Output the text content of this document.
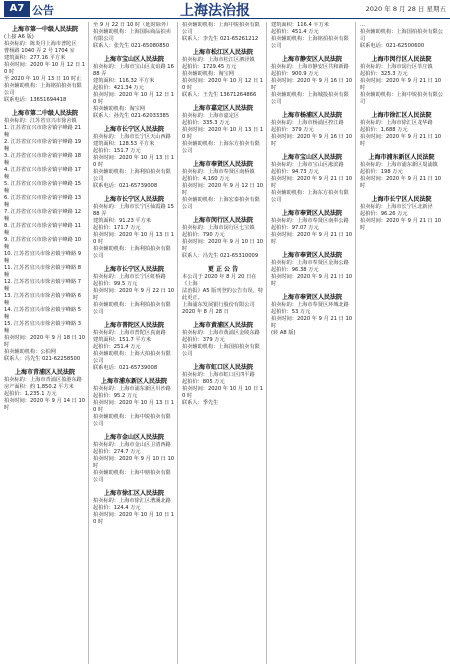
A7 公告	上海法治报	2020 年 8 月 28 日 星期五
上海市第一中级人民法院
(上接 A6 版)
拍卖标的：陈炎丹上海市普陀区
曹杨路 1040 弄 2 号 1704 室
建筑面积：277.16 平方米
拍卖时间：2020 年 10 月 12 日 10 时
至 2020 年 10 月 13 日 10 时止
拍卖辅助机构：上海铭拍拍卖有限公司
联系电话：13651694418
上海市第二中级人民法院
拍卖标的：江苏省宜兴市徐舍镇
1. 江苏省宜兴市徐舍镇宇峰路 21 幢
2. 江苏省宜兴市徐舍镇宇峰路 19 幢
3. 江苏省宜兴市徐舍镇宇峰路 18 幢
4. 江苏省宜兴市徐舍镇宇峰路 17 幢
5. 江苏省宜兴市徐舍镇宇峰路 15 幢
6. 江苏省宜兴市徐舍镇宇峰路 13 幢
7. 江苏省宜兴市徐舍镇宇峰路 12 幢
8. 江苏省宜兴市徐舍镇宇峰路 11 幢
9. 江苏省宜兴市徐舍镇宇峰路 10 幢
10. 江苏省宜兴市徐舍镇宇峰路 9 幢
11. 江苏省宜兴市徐舍镇宇峰路 8 幢
12. 江苏省宜兴市徐舍镇宇峰路 7 幢
13. 江苏省宜兴市徐舍镇宇峰路 6 幢
14. 江苏省宜兴市徐舍镇宇峰路 5 幢
15. 江苏省宜兴市徐舍镇宇峰路 3 幢
拍卖时间：2020 年 9 月 18 日 10 时
拍卖辅助机构：公拍网
联系人：冯先生 021-62258500
上海市青浦区人民法院
拍卖标的：上海市青浦区盈港东路
房产面积：约 1,850.2 平方米
起拍价：1,235.1 万元
拍卖时间：2020 年 9 月 14 日 10 时
至 9 月 22 日 10 时（延时除外）
拍卖辅助机构：上海国际商品拍卖有限公司
联系人：张先生 021-65080850
上海市宝山区人民法院
拍卖标的：上海市宝山区友谊路 1688 弄
建筑面积：116.32 平方米
起拍价：421.34 万元
拍卖时间：2020 年 10 月 12 日 10 时
拍卖辅助机构：淘宝网
联系人：孙先生 021-62033385
上海市长宁区人民法院
拍卖标的：上海市长宁区天山西路
建筑面积：128.53 平方米
起拍价：151.7 万元
拍卖时间：2020 年 10 月 13 日 10 时
拍卖辅助机构：上海利拍拍卖有限公司
联系电话：021-65739008
上海市长宁区人民法院
拍卖标的：上海市长宁区仙霞路 1588 弄
建筑面积：91.23 平方米
起拍价：171.7 万元
拍卖时间：2020 年 10 月 13 日 10 时
拍卖辅助机构：上海利拍拍卖有限公司
上海市长宁区人民法院
拍卖标的：上海市长宁区虹桥路
起拍价：99.5 万元
拍卖时间：2020 年 9 月 22 日 10 时
拍卖辅助机构：上海利拍拍卖有限公司
上海市普陀区人民法院
拍卖标的：上海市普陀区真南路
建筑面积：151.7 平方米
起拍价：251.4 万元
拍卖辅助机构：上海大拍拍卖有限公司
联系电话：021-65739008
上海市浦东新区人民法院
拍卖标的：上海市浦东新区川沙路
起拍价：95.2 万元
拍卖时间：2020 年 10 月 13 日 10 时
拍卖辅助机构：上海中锐拍卖有限公司
上海市金山区人民法院
拍卖标的：上海市金山区卫清西路
起拍价：274.7 万元
拍卖时间：2020 年 9 月 10 日 10 时
拍卖辅助机构：上海中鼎拍卖有限公司
上海市徐汇区人民法院
拍卖标的：上海市徐汇区漕溪北路
起拍价：124.4 万元
拍卖时间：2020 年 10 月 10 日 10 时
拍卖辅助机构：上海中锐拍卖有限公司
联系人：李先生 021-65261212
上海市松江区人民法院
拍卖标的：上海市松江区泗泾镇
起拍价：1729.45 万元
拍卖辅助机构：淘宝网
拍卖时间：2020 年 10 月 12 日 10 时
联系人：王先生 13671264866
上海市嘉定区人民法院
拍卖标的：上海市嘉定区
起拍价：335.3 万元
拍卖时间：2020 年 10 月 13 日 10 时
拍卖辅助机构：上海东方拍卖有限公司
上海市奉贤区人民法院
拍卖标的：上海市奉贤区南桥镇
起拍价：4,160 万元
拍卖时间：2020 年 9 月 12 日 10 时
拍卖辅助机构：上海宏泰拍卖有限公司
上海市闵行区人民法院
拍卖标的：上海市闵行区七宝镇
起拍价：790 万元
拍卖时间：2020 年 9 月 10 日 10 时
联系人：冯先生 021-65310009
更 正 公 告
本公司于 2020 年 8 月 20 日在《上海
法治报》A5 版刊登的公告有误，特此更正。
上海浦东发展银行股份有限公司
2020 年 8 月 28 日
上海市黄浦区人民法院
拍卖标的：上海市黄浦区金陵东路
起拍价：379 万元
拍卖辅助机构：上海国拍拍卖有限公司
上海市虹口区人民法院
拍卖标的：上海市虹口区四平路
起拍价：805 万元
拍卖时间：2020 年 10 月 10 日 10 时
联系人：季先生
建筑面积：116.4 平方米
起拍价：451.4 万元
拍卖辅助机构：上海铭拍拍卖有限公司
上海市静安区人民法院
拍卖标的：上海市静安区共和新路
起拍价：900.9 万元
拍卖时间：2020 年 9 月 16 日 10 时
拍卖辅助机构：上海城投拍卖有限公司
上海市杨浦区人民法院
拍卖标的：上海市杨浦区控江路
起拍价：379 万元
拍卖时间：2020 年 9 月 16 日 10 时
上海市宝山区人民法院
拍卖标的：上海市宝山区淞滨路
起拍价：94.73 万元
拍卖时间：2020 年 9 月 21 日 10 时
拍卖辅助机构：上海东方拍卖有限公司
上海市奉贤区人民法院
拍卖标的：上海市奉贤区南奉公路
起拍价：97.07 万元
拍卖时间：2020 年 9 月 21 日 10 时
上海市奉贤区人民法院
拍卖标的：上海市奉贤区金海公路
起拍价：96.38 万元
拍卖时间：2020 年 9 月 21 日 10 时
上海市奉贤区人民法院
拍卖标的：上海市奉贤区环城北路
起拍价：53 万元
拍卖时间：2020 年 9 月 21 日 10 时
(转 A8 版)
...
拍卖辅助机构：上海国拍拍卖有限公司
联系电话：021-62500600
上海市闵行区人民法院
拍卖标的：上海市闵行区莘庄镇
起拍价：325.3 万元
拍卖时间：2020 年 9 月 21 日 10 时
拍卖辅助机构：上海中锐拍卖有限公司
上海市徐汇区人民法院
拍卖标的：上海市徐汇区龙华路
起拍价：1,688 万元
拍卖时间：2020 年 9 月 21 日 10 时
上海市浦东新区人民法院
拍卖标的：上海市浦东新区周浦镇
起拍价：198 万元
拍卖时间：2020 年 9 月 21 日 10 时
上海市长宁区人民法院
拍卖标的：上海市长宁区北新泾
起拍价：96.26 万元
拍卖时间：2020 年 9 月 21 日 10 时
